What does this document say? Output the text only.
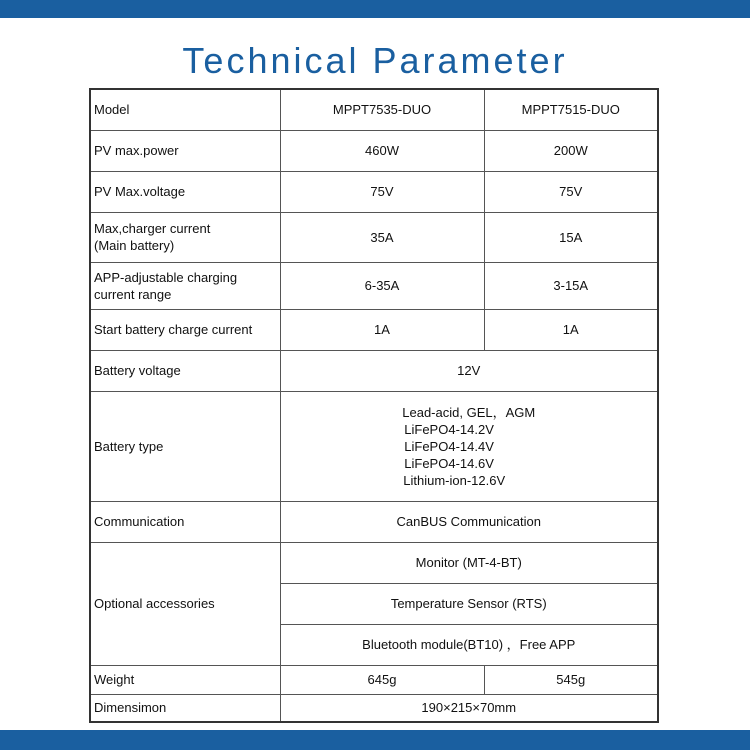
Technical Parameter
Model	MPPT7535-DUO	MPPT7515-DUO
PV max.power	460W	200W
PV Max.voltage	75V	75V

Max,charger current
(Main battery)	35A	15A

APP-adjustable charging
current range	6-35A	3-15A
Start battery charge current	1A	1A
Battery voltage	12V	
Battery type	Lead-acid, GEL，AGM
LiFePO4-14.2V
LiFePO4-14.4V
LiFePO4-14.6V
Lithium-ion-12.6V	

Communication	CanBUS Communication	
Optional accessories	Monitor (MT-4-BT)	
	Temperature Sensor (RTS)	
	Bluetooth module(BT10) ，Free APP	
Weight	645g	545g
Dimensimon	190×215×70mm	
